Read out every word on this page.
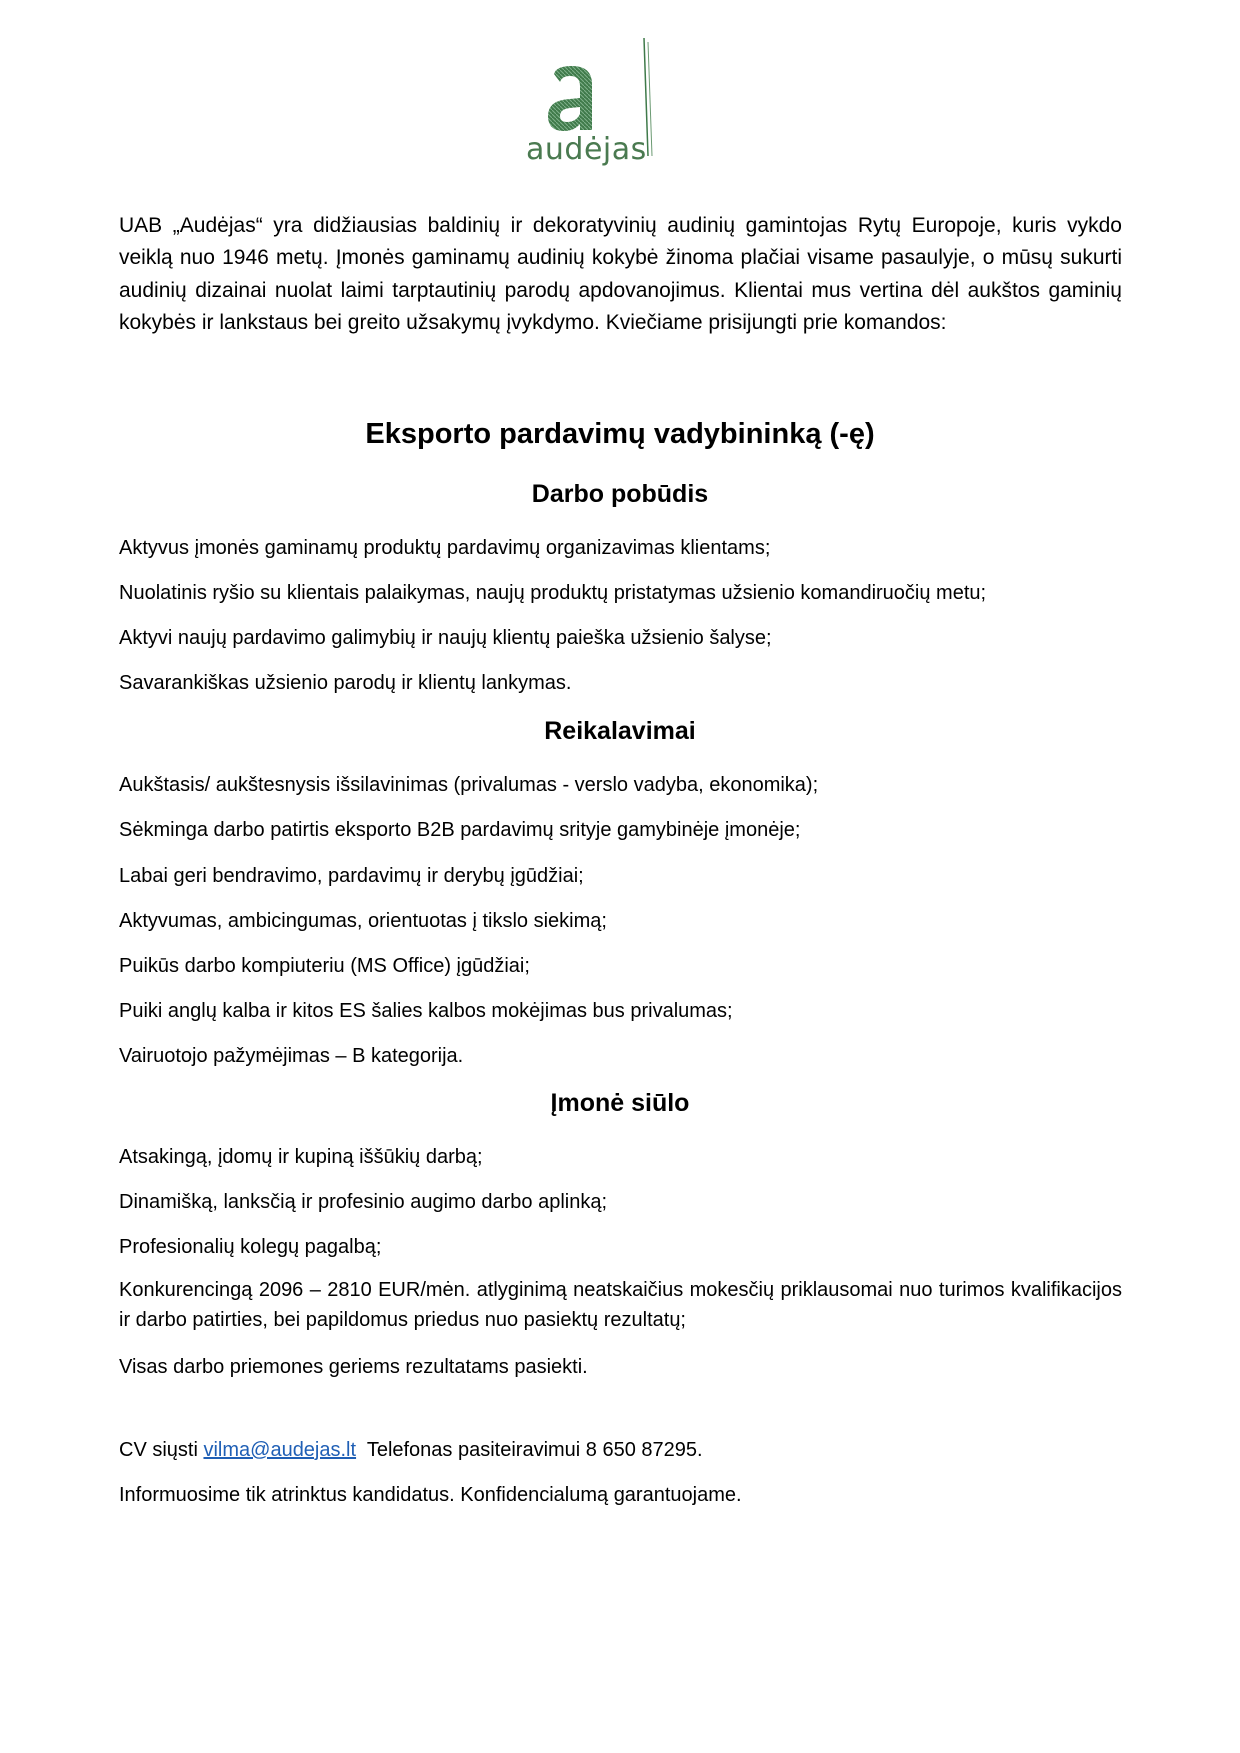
audėjas

UAB „Audėjas“ yra didžiausias baldinių ir dekoratyvinių audinių gamintojas Rytų Europoje, kuris vykdo veiklą nuo 1946 metų. Įmonės gaminamų audinių kokybė žinoma plačiai visame pasaulyje, o mūsų sukurti audinių dizainai nuolat laimi tarptautinių parodų apdovanojimus. Klientai mus vertina dėl aukštos gaminių kokybės ir lankstaus bei greito užsakymų įvykdymo. Kviečiame prisijungti prie komandos:

Eksporto pardavimų vadybininką (-ę)
Darbo pobūdis

Aktyvus įmonės gaminamų produktų pardavimų organizavimas klientams;

Nuolatinis ryšio su klientais palaikymas, naujų produktų pristatymas užsienio komandiruočių metu;

Aktyvi naujų pardavimo galimybių ir naujų klientų paieška užsienio šalyse;

Savarankiškas užsienio parodų ir klientų lankymas.

Reikalavimai

Aukštasis/ aukštesnysis išsilavinimas (privalumas - verslo vadyba, ekonomika);

Sėkminga darbo patirtis eksporto B2B pardavimų srityje gamybinėje įmonėje;

Labai geri bendravimo, pardavimų ir derybų įgūdžiai;

Aktyvumas, ambicingumas, orientuotas į tikslo siekimą;

Puikūs darbo kompiuteriu (MS Office) įgūdžiai;

Puiki anglų kalba ir kitos ES šalies kalbos mokėjimas bus privalumas;

Vairuotojo pažymėjimas – B kategorija.

Įmonė siūlo

Atsakingą, įdomų ir kupiną iššūkių darbą;

Dinamišką, lanksčią ir profesinio augimo darbo aplinką;

Profesionalių kolegų pagalbą;

Konkurencingą 2096 – 2810 EUR/mėn. atlyginimą neatskaičius mokesčių priklausomai nuo turimos kvalifikacijos ir darbo patirties, bei papildomus priedus nuo pasiektų rezultatų;

Visas darbo priemones geriems rezultatams pasiekti.

CV siųsti vilma@audejas.lt  Telefonas pasiteiravimui 8 650 87295.

Informuosime tik atrinktus kandidatus. Konfidencialumą garantuojame.
